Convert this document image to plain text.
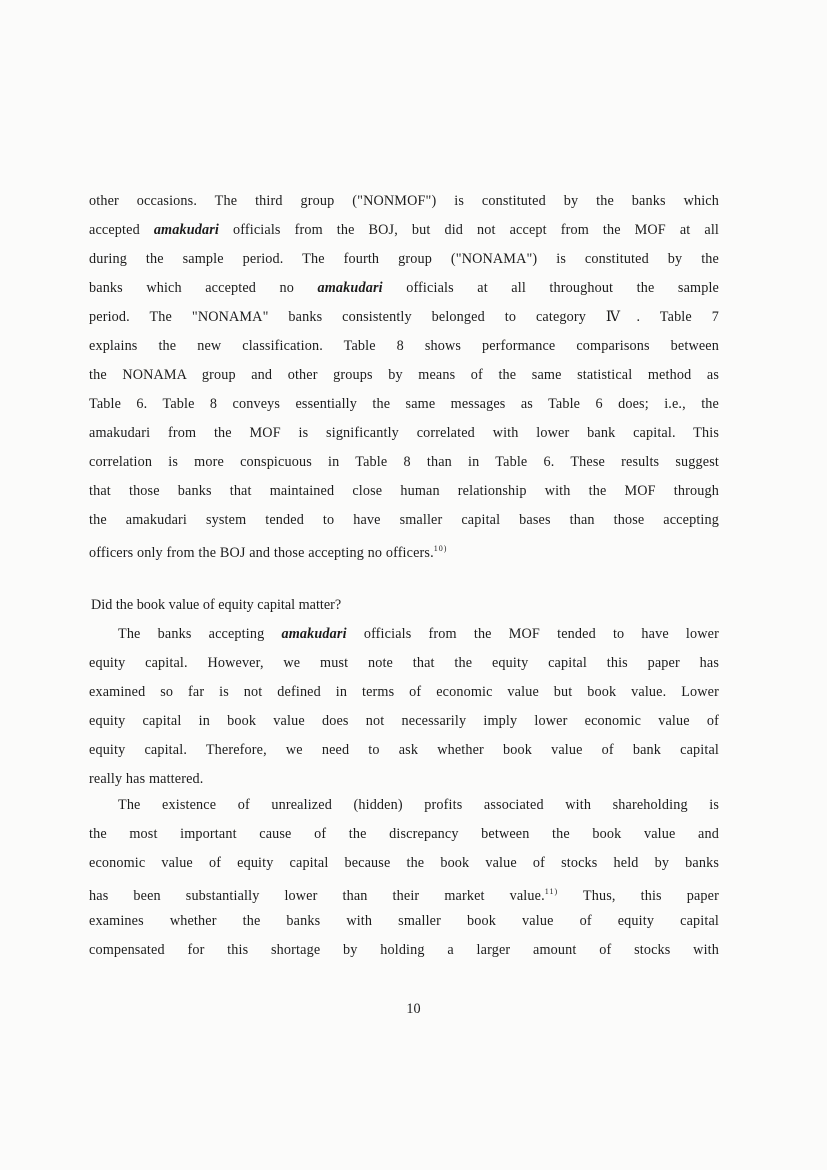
other occasions. The third group ("NONMOF") is constituted by the banks which
accepted amakudari officials from the BOJ, but did not accept from the MOF at all
during the sample period. The fourth group ("NONAMA") is constituted by the
banks which accepted no amakudari officials at all throughout the sample
period. The "NONAMA" banks consistently belonged to category Ⅳ. Table 7
explains the new classification. Table 8 shows performance comparisons between
the NONAMA group and other groups by means of the same statistical method as
Table 6. Table 8 conveys essentially the same messages as Table 6 does; i.e., the
amakudari from the MOF is significantly correlated with lower bank capital. This
correlation is more conspicuous in Table 8 than in Table 6. These results suggest
that those banks that maintained close human relationship with the MOF through
the amakudari system tended to have smaller capital bases than those accepting
officers only from the BOJ and those accepting no officers.$^{10)}$
Did the book value of equity capital matter?
The banks accepting amakudari officials from the MOF tended to have lower
equity capital. However, we must note that the equity capital this paper has
examined so far is not defined in terms of economic value but book value. Lower
equity capital in book value does not necessarily imply lower economic value of
equity capital. Therefore, we need to ask whether book value of bank capital
really has mattered.
The existence of unrealized (hidden) profits associated with shareholding is
the most important cause of the discrepancy between the book value and
economic value of equity capital because the book value of stocks held by banks
has been substantially lower than their market value.$^{11)}$ Thus, this paper
examines whether the banks with smaller book value of equity capital
compensated for this shortage by holding a larger amount of stocks with
10
